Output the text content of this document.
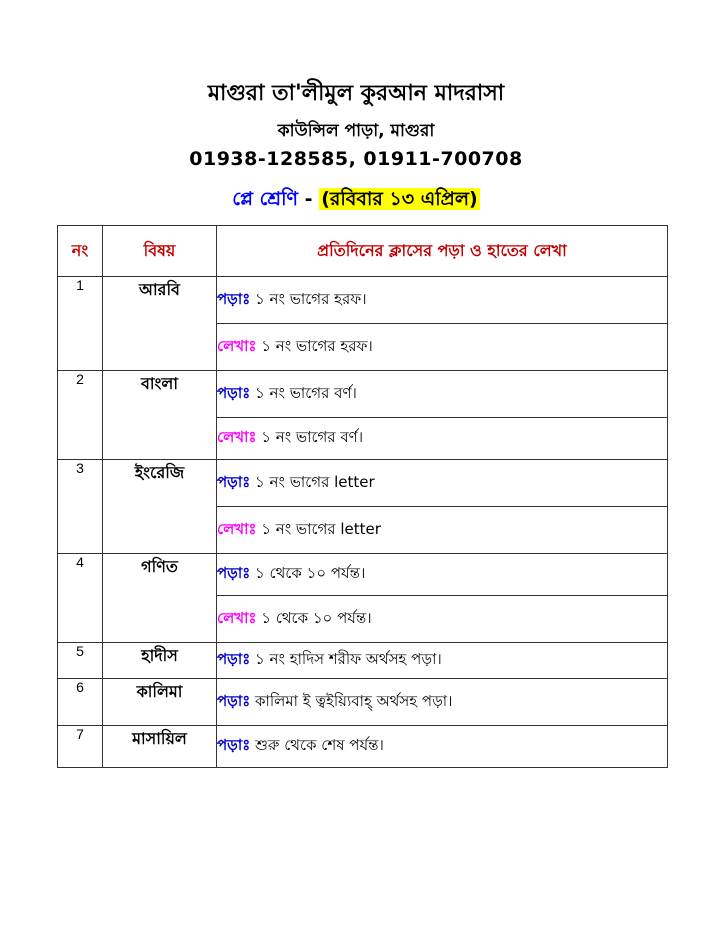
মাগুরা তা'লীমুল কুরআন মাদরাসা
কাউন্সিল পাড়া, মাগুরা
01938-128585, 01911-700708
প্লে শ্রেণি - (রবিবার ১৩ এপ্রিল)
নং	বিষয়	প্রতিদিনের ক্লাসের পড়া ও হাতের লেখা
1	আরবি	পড়াঃ ১ নং ভাগের হরফ।
		লেখাঃ ১ নং ভাগের হরফ।
2	বাংলা	পড়াঃ ১ নং ভাগের বর্ণ।
		লেখাঃ ১ নং ভাগের বর্ণ।
3	ইংরেজি	পড়াঃ ১ নং ভাগের letter
		লেখাঃ ১ নং ভাগের letter
4	গণিত	পড়াঃ ১ থেকে ১০ পর্যন্ত।
		লেখাঃ ১ থেকে ১০ পর্যন্ত।
5	হাদীস	পড়াঃ ১ নং হাদিস শরীফ অর্থসহ পড়া।
6	কালিমা	পড়াঃ কালিমা ই ত্বইয়্যিবাহ্ অর্থসহ পড়া।
7	মাসায়িল	পড়াঃ শুরু থেকে শেষ পর্যন্ত।
